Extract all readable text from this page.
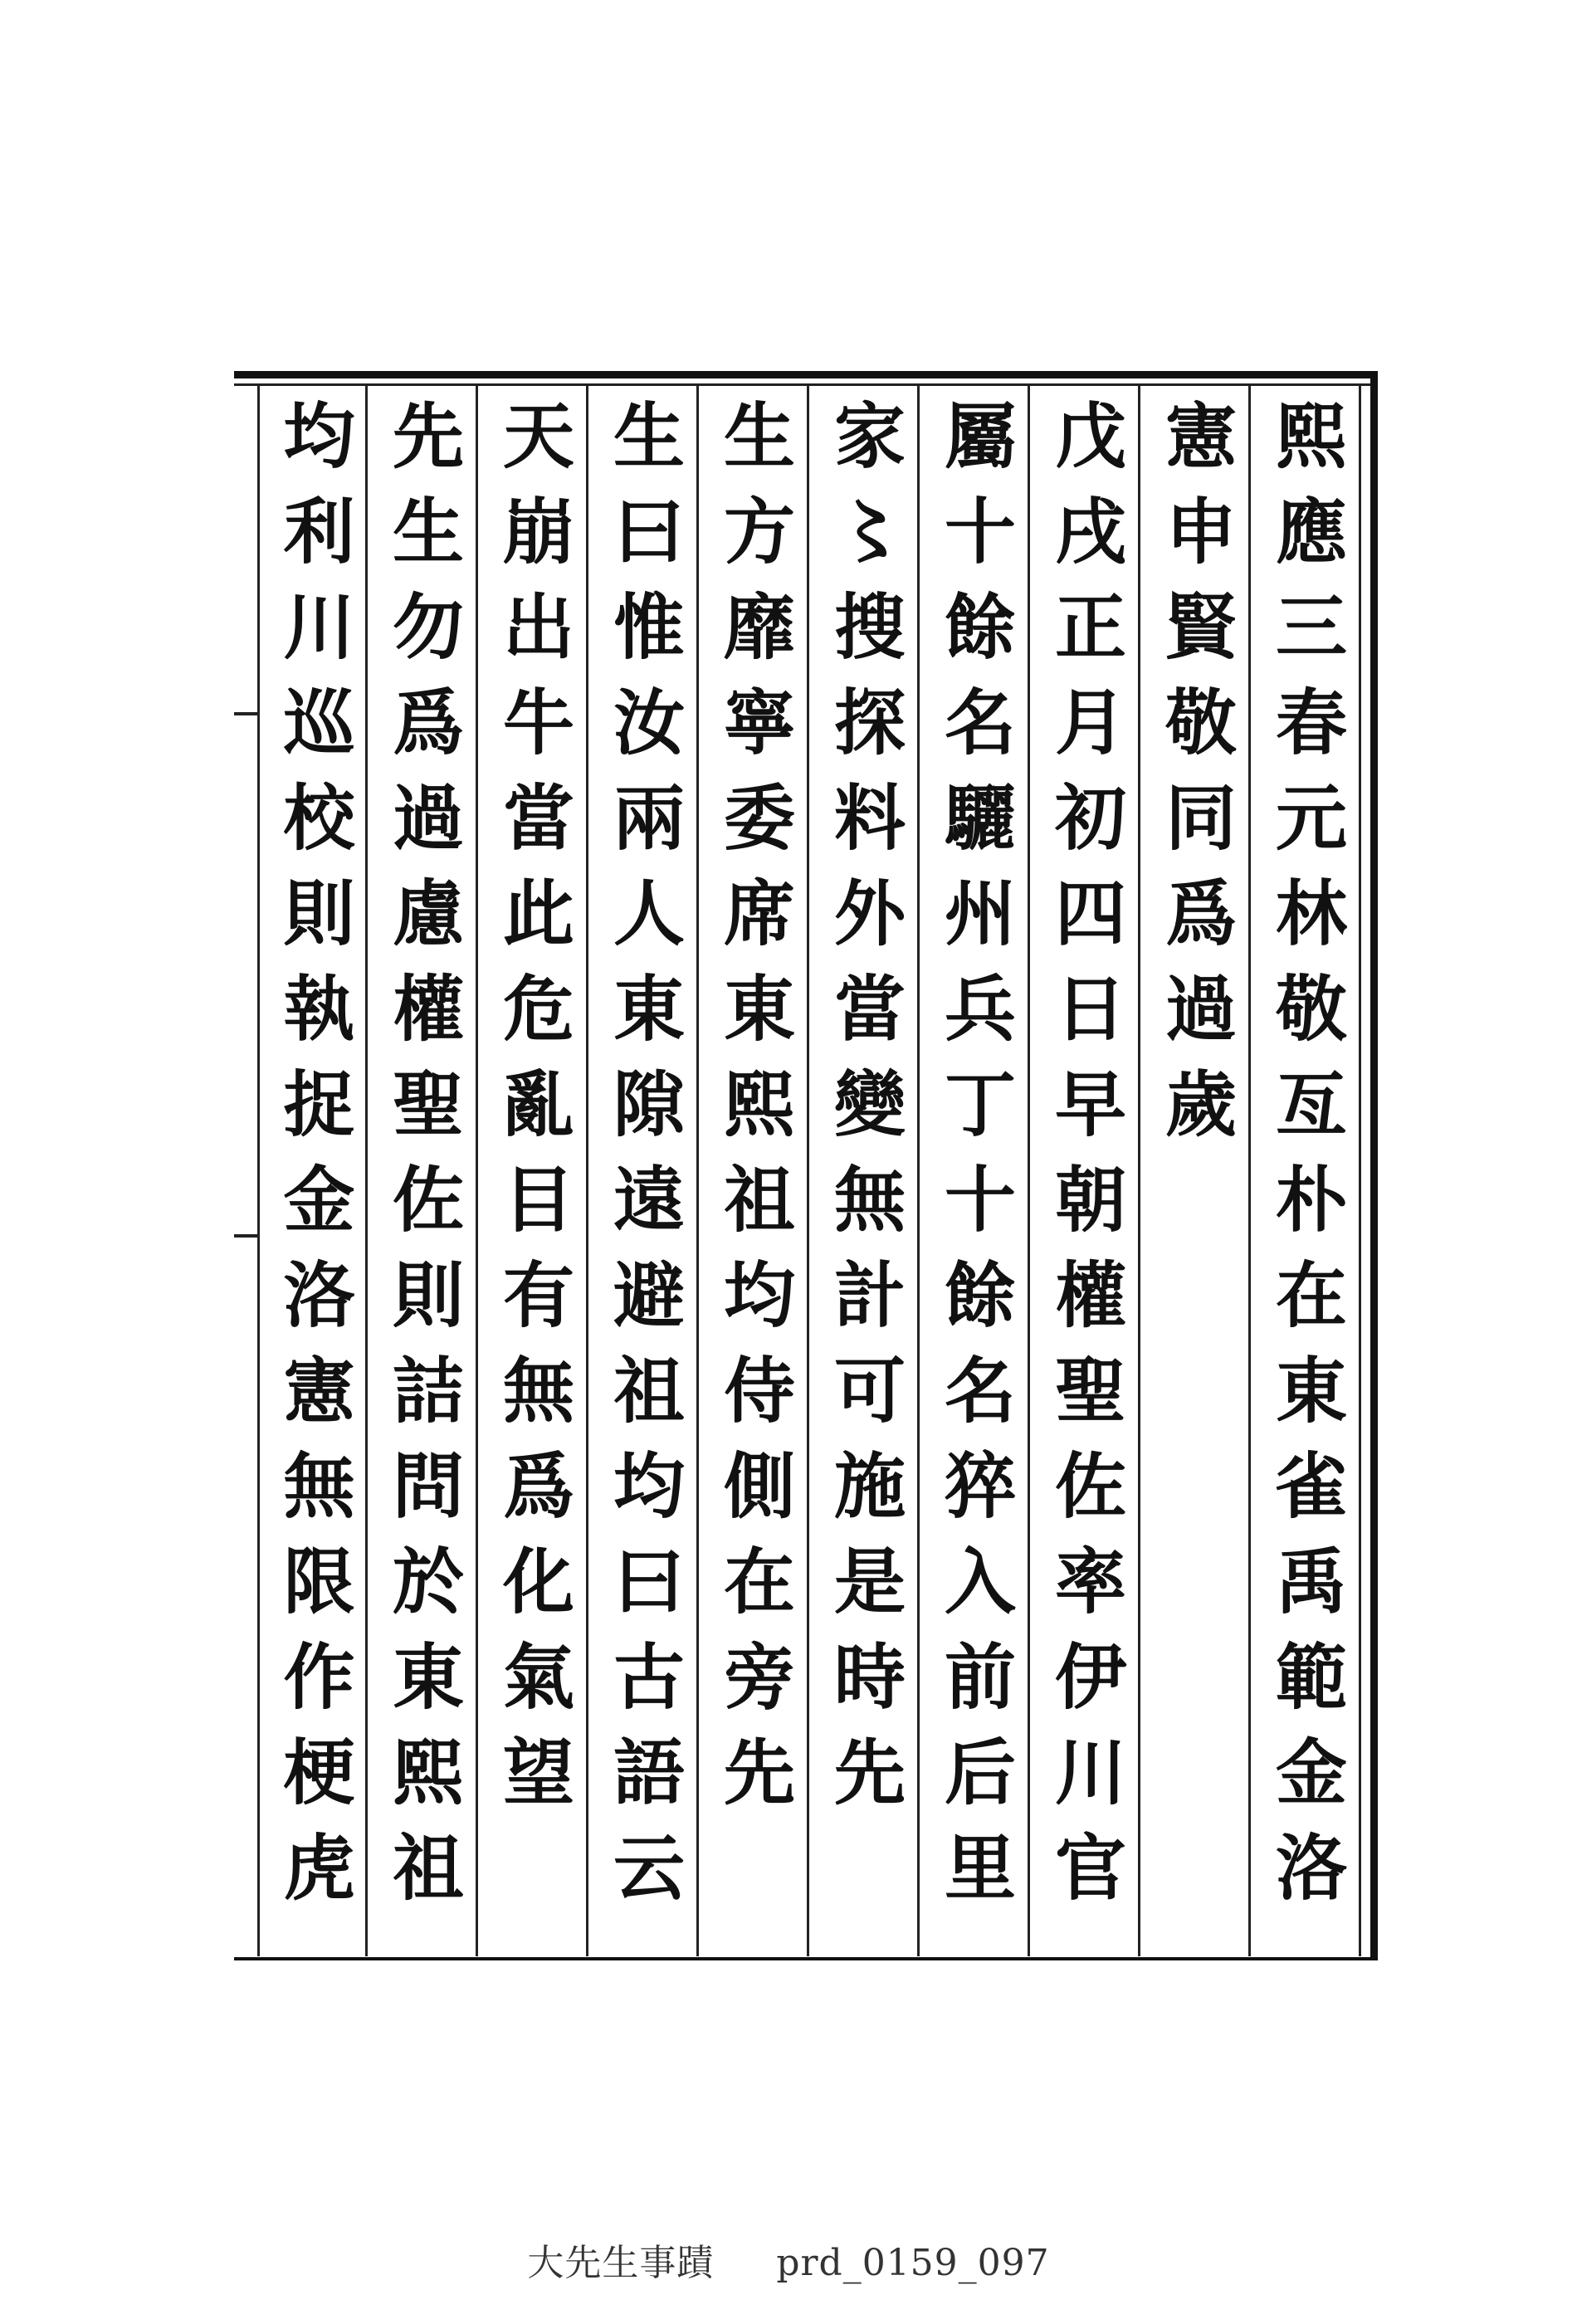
熙應三春元林敬亙朴在東雀禹範金洛
憲申賢敬同爲過歲
戊戌正月初四日早朝權聖佐率伊川官
屬十餘名驪州兵丁十餘名猝入前后里
家〻搜探料外當變無計可施是時先
生方靡寧委席東熙祖均侍側在旁先
生曰惟汝兩人東隙遠避祖均曰古語云
天崩出牛當此危亂目有無爲化氣望
先生勿爲過慮權聖佐則詰問於東熙祖
均利川巡校則執捉金洛憲無限作梗虎
大先生事蹟 prd_0159_097
